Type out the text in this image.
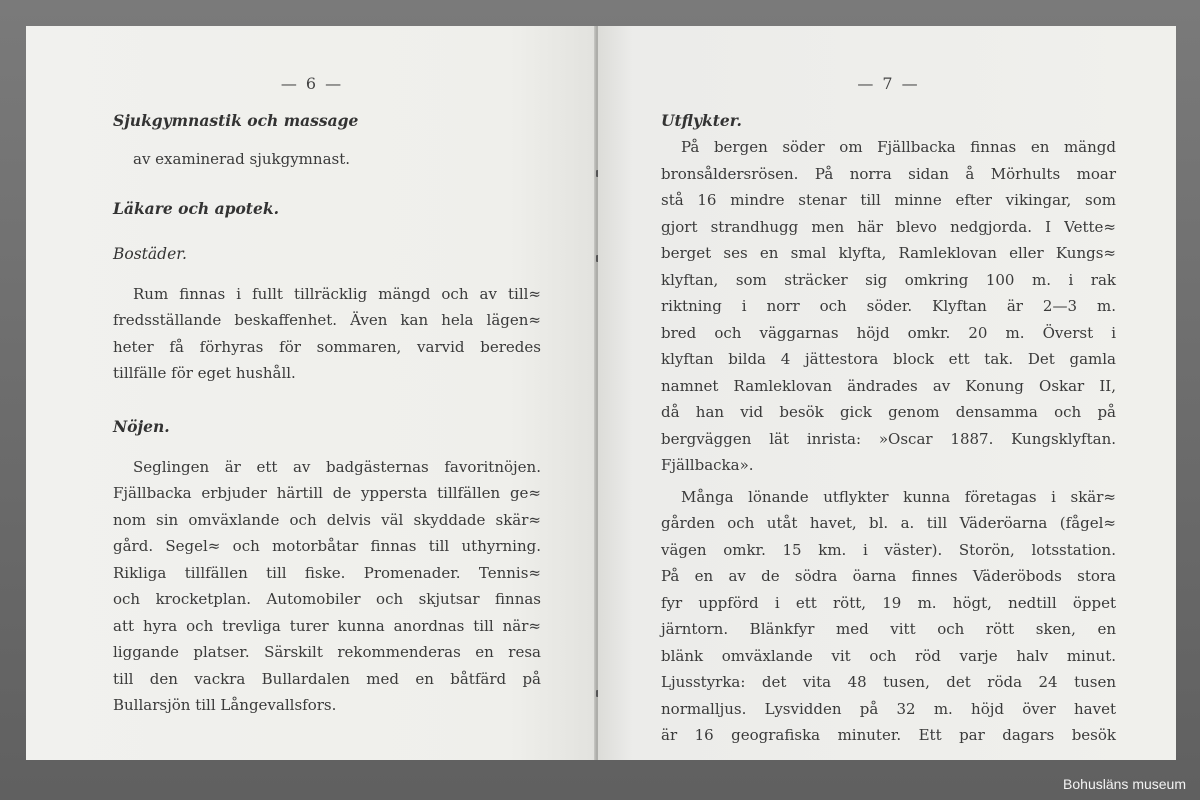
— 6 —

Sjukgymnastik och massage

av examinerad sjukgymnast.

Läkare och apotek.

Bostäder.

Rum finnas i fullt tillräcklig mängd och av till≈
fredsställande beskaffenhet. Även kan hela lägen≈
heter få förhyras för sommaren, varvid beredes
tillfälle för eget hushåll.

Nöjen.

Seglingen är ett av badgästernas favoritnöjen.
Fjällbacka erbjuder härtill de yppersta tillfällen ge≈
nom sin omväxlande och delvis väl skyddade skär≈
gård. Segel≈ och motorbåtar finnas till uthyrning.
Rikliga tillfällen till fiske. Promenader. Tennis≈
och krocketplan. Automobiler och skjutsar finnas
att hyra och trevliga turer kunna anordnas till när≈
liggande platser. Särskilt rekommenderas en resa
till den vackra Bullardalen med en båtfärd på
Bullarsjön till Långevallsfors.
— 7 —

Utflykter.

På bergen söder om Fjällbacka finnas en mängd
bronsåldersrösen. På norra sidan å Mörhults moar
stå 16 mindre stenar till minne efter vikingar, som
gjort strandhugg men här blevo nedgjorda. I Vette≈
berget ses en smal klyfta, Ramleklovan eller Kungs≈
klyftan, som sträcker sig omkring 100 m. i rak
riktning i norr och söder. Klyftan är 2—3 m.
bred och väggarnas höjd omkr. 20 m. Överst i
klyftan bilda 4 jättestora block ett tak. Det gamla
namnet Ramleklovan ändrades av Konung Oskar II,
då han vid besök gick genom densamma och på
bergväggen lät inrista: »Oscar 1887. Kungsklyftan.
Fjällbacka».
Många lönande utflykter kunna företagas i skär≈
gården och utåt havet, bl. a. till Väderöarna (fågel≈
vägen omkr. 15 km. i väster). Storön, lotsstation.
På en av de södra öarna finnes Väderöbods stora
fyr uppförd i ett rött, 19 m. högt, nedtill öppet
järntorn. Blänkfyr med vitt och rött sken, en
blänk omväxlande vit och röd varje halv minut.
Ljusstyrka: det vita 48 tusen, det röda 24 tusen
normalljus. Lysvidden på 32 m. höjd över havet
är 16 geografiska minuter. Ett par dagars besök
Bohusläns museum
